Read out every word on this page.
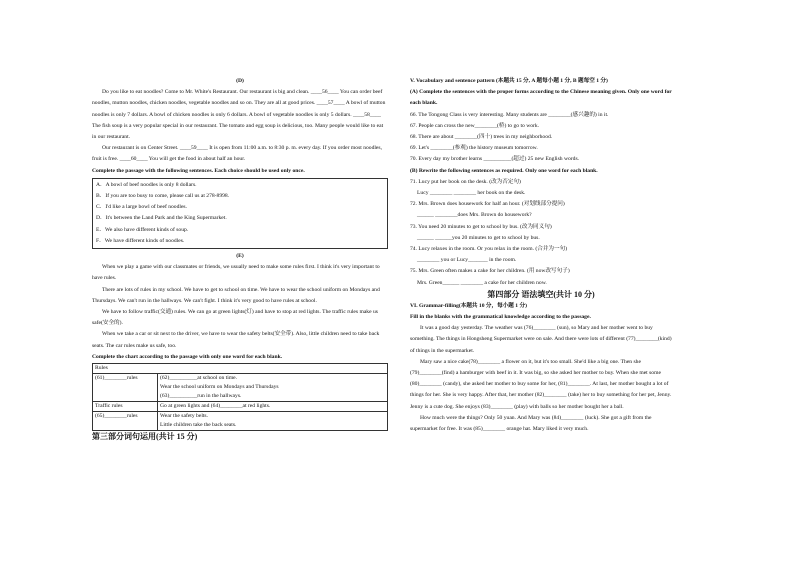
(D)

Do you like to eat noodles? Come to Mr. White's Restaurant. Our restaurant is big and clean. ____56____ You can order beef noodles, mutton noodles, chicken noodles, vegetable noodles and so on. They are all at good prices. ____57____ A bowl of mutton noodles is only 7 dollars. A bowl of chicken noodles is only 6 dollars. A bowl of vegetable noodles is only 5 dollars. ____58____ The fish soup is a very popular special in our restaurant. The tomato and egg soup is delicious, too. Many people would like to eat in our restaurant.

Our restaurant is on Center Street. ____59____ It is open from 11:00 a.m. to 8:30 p. m. every day. If you order most noodles, fruit is free. ____60____ You will get the food in about half an hour.

Complete the passage with the following sentences. Each choice should be used only once.

A．A bowl of beef noodles is only 8 dollars.

B．If you are too busy to come, please call us at 278-8998.

C．I'd like a large bowl of beef noodles.

D．It's between the Land Park and the King Supermarket.

E．We also have different kinds of soup.

F．We have different kinds of noodles.

(E)

When we play a game with our classmates or friends, we usually need to make some rules first. I think it's very important to have rules.

There are lots of rules in my school. We have to get to school on time. We have to wear the school uniform on Mondays and Thursdays. We can't run in the hallways. We can't fight. I think it's very good to have rules at school.

We have to follow traffic(交通) rules. We can go at green lights(灯) and have to stop at red lights. The traffic rules make us safe(安全的).

When we take a car or sit next to the driver, we have to wear the safety belts(安全带). Also, little children need to take back seats. The car rules make us safe, too.

Complete the chart according to the passage with only one word for each blank.

Rules	
(61)________rules	(62)__________at school on time.
Wear the school uniform on Mondays and Thursdays
(63)__________run in the hallways.

Traffic rules	Go at green lights and (64)________at red lights.

(65)________rules	Wear the safety belts.
Little children take the back seats.

第三部分词句运用(共计 15 分)

V. Vocabulary and sentence pattern (本题共 15 分, A 题每小题 1 分, B 题每空 1 分)

(A) Complete the sentences with the proper forms according to the Chinese meaning given. Only one word for each blank.

66. The Tongong Class is very interesting. Many students are ________(感兴趣的) in it.

67. People can cross the new________(桥) to go to work.

68. There are about ________(四十) trees in my neighborhood.

69. Let's ________(参观) the history museum tomorrow.

70. Every day my brother learns __________(超过) 25 new English words.

(B) Rewrite the following sentences as required. Only one word for each blank.

71. Lucy put her book on the desk. (改为否定句)

Lucy ________ ________ her book on the desk.

72. Mrs. Brown does housework for half an hour. (对划线部分提问)

______ ________does Mrs. Brown do housework?

73. You need 20 minutes to get to school by bus. (改为同义句)

______ ______you 20 minutes to get to school by bus.

74. Lucy relaxes in the room. Or you relax in the room. (合并为一句)

________ you or Lucy_______ in the room.

75. Mrs. Green often makes a cake for her children. (用 now改写句子)

Mrs. Green______ ________ a cake for her children now.

第四部分 语法填空(共计 10 分)

VI. Grammar-filling(本题共 10 分，每小题 1 分)

Fill in the blanks with the grammatical knowledge according to the passage.

It was a good day yesterday. The weather was (76)________ (sun), so Mary and her mother went to buy something. The things in Hongsheng Supermarket were on sale. And there were lots of different (77)________(kind) of things in the supermarket.

Mary saw a nice cake(78)________ a flower on it, but it's too small. She'd like a big one. Then she (79)________(find) a hamburger with beef in it. It was big, so she asked her mother to buy. When she met some (80)________ (candy), she asked her mother to buy some for her, (81)________. At last, her mother bought a lot of things for her. She is very happy. After that, her mother (82)________ (take) her to buy something for her pet, Jenny. Jenny is a cute dog. She enjoys (83)________ (play) with balls so her mother bought her a ball.

How much were the things? Only 50 yuan. And Mary was (84)________ (luck). She got a gift from the supermarket for free. It was (85)________ orange hat. Mary liked it very much.
